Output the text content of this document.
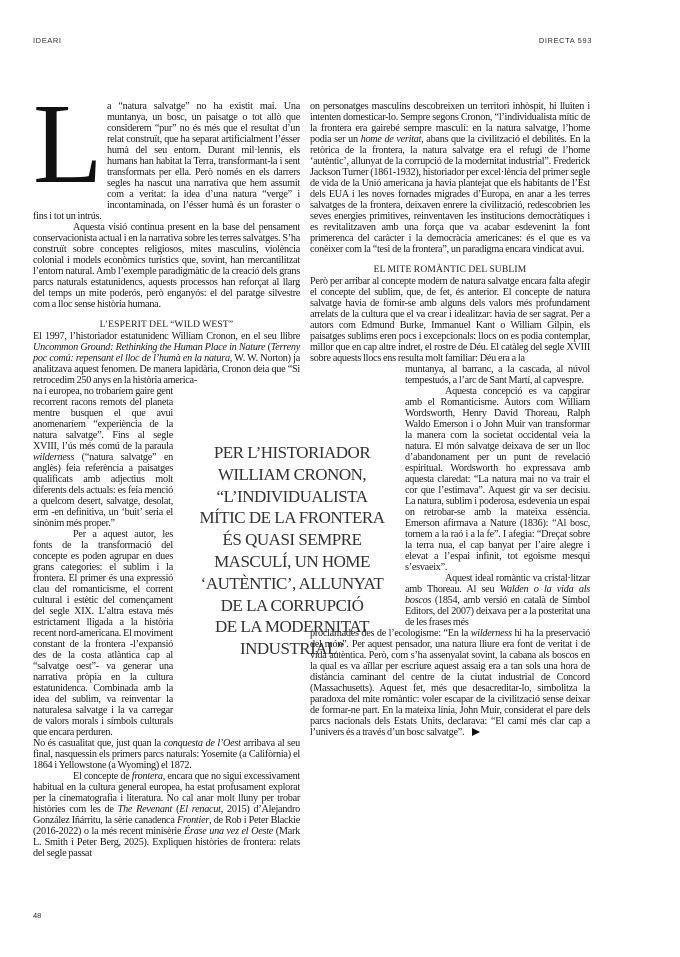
IDEARI	DIRECTA 593

L a “natura salvatge” no ha existit mai. Una muntanya, un bosc, un paisatge o tot allò que considerem “pur” no és més que el resultat d’un relat construït, que ha separat artificialment l’ésser humà del seu entorn. Durant mil·lennis, els humans han habitat la Terra, transformant-la i sent transformats per ella. Però només en els darrers segles ha nascut una narrativa que hem assumit com a veritat: la idea d’una natura “verge” i incontaminada, on l’ésser humà és un foraster o fins i tot un intrús.

Aquesta visió continua present en la base del pensament conservacionista actual i en la narrativa sobre les terres salvatges. S’ha construït sobre conceptes religiosos, mites masculins, violència colonial i models econòmics turístics que, sovint, han mercantilitzat l’entorn natural. Amb l’exemple paradigmàtic de la creació dels grans parcs naturals estatunidencs, aquests processos han reforçat al llarg del temps un mite poderós, però enganyós: el del paratge silvestre com a lloc sense història humana.

L’ESPERIT DEL “WILD WEST”

El 1997, l’historiador estatunidenc William Cronon, en el seu llibre Uncommon Ground: Rethinking the Human Place in Nature (Terreny poc comú: repensant el lloc de l’humà en la natura, W. W. Norton) ja analitzava aquest fenomen. De manera lapidària, Cronon deia que “Si retrocedim 250 anys en la història america-

na i europea, no trobaríem gaire gent recorrent racons remots del planeta mentre busquen el que avui anomenaríem “experiència de la natura salvatge”. Fins al segle XVIII, l’ús més comú de la paraula wilderness (“natura salvatge” en anglès) feia referència a paisatges qualificats amb adjectius molt diferents dels actuals: es feia menció a quelcom desert, salvatge, desolat, erm -en definitiva, un ‘buit’ seria el sinònim més proper.”

Per a aquest autor, les fonts de la transformació del concepte es poden agrupar en dues grans categories: el sublim i la frontera. El primer és una expressió clau del romanticisme, el corrent cultural i estètic del començament del segle XIX. L’altra estava més estrictament lligada a la història recent nord-americana. El moviment constant de la frontera -l’expansió des de la costa atlàntica cap al “salvatge oest”- va generar una narrativa pròpia en la cultura estatunidenca. Combinada amb la idea del sublim, va reinventar la naturalesa salvatge i la va carregar de valors morals i símbols culturals que encara perduren.

No és casualitat que, just quan la conquesta de l’Oest arribava al seu final, nasquessin els primers parcs naturals: Yosemite (a Califòrnia) el 1864 i Yellowstone (a Wyoming) el 1872.

El concepte de frontera, encara que no sigui excessivament habitual en la cultura general europea, ha estat profusament explorat per la cinematografia i literatura. No cal anar molt lluny per trobar històries com les de The Revenant (El renacut, 2015) d’Alejandro González Iñárritu, la sèrie canadenca Frontier, de Rob i Peter Blackie (2016-2022) o la més recent minisèrie Érase una vez el Oeste (Mark L. Smith i Peter Berg, 2025). Expliquen històries de frontera: relats del segle passat

48

on personatges masculins descobreixen un territori inhòspit, hi lluiten i intenten domesticar-lo. Sempre segons Cronon, “l’individualista mític de la frontera era gairebé sempre masculí: en la natura salvatge, l’home podia ser un home de veritat, abans que la civilització el debilités. En la retòrica de la frontera, la natura salvatge era el refugi de l’home ‘autèntic’, allunyat de la corrupció de la modernitat industrial”. Frederick Jackson Turner (1861-1932), historiador per excel·lència del primer segle de vida de la Unió americana ja havia plantejat que els habitants de l’Est dels EUA i les noves fornades migrades d’Europa, en anar a les terres salvatges de la frontera, deixaven enrere la civilització, redescobrien les seves energies primitives, reinventaven les institucions democràtiques i es revitalitzaven amb una força que va acabar esdevenint la font primerenca del caràcter i la democràcia americanes: és el que es va conèixer com la “tesi de la frontera”, un paradigma encara vindicat avui.

EL MITE ROMÀNTIC DEL SUBLIM

Però per arribar al concepte modern de natura salvatge encara falta afegir el concepte del sublim, que, de fet, és anterior. El concepte de natura salvatge havia de fornir-se amb alguns dels valors més profundament arrelats de la cultura que el va crear i idealitzar: havia de ser sagrat. Per a autors com Edmund Burke, Immanuel Kant o William Gilpin, els paisatges sublims eren pocs i excepcionals: llocs on es podia contemplar, millor que en cap altre indret, el rostre de Déu. El catàleg del segle XVIII sobre aquests llocs ens resulta molt familiar: Déu era a la

muntanya, al barranc, a la cascada, al núvol tempestuós, a l’arc de Sant Martí, al capvespre.

Aquesta concepció es va capgirar amb el Romanticisme. Autors com William Wordsworth, Henry David Thoreau, Ralph Waldo Emerson i o John Muir van transformar la manera com la societat occidental veia la natura. El món salvatge deixava de ser un lloc d’abandonament per un punt de revelació espiritual. Wordsworth ho expressava amb aquesta claredat: “La natura mai no va trair el cor que l’estimava”. Aquest gir va ser decisiu. La natura, sublim i poderosa, esdevenia un espai on retrobar-se amb la mateixa essència. Emerson afirmava a Nature (1836): “Al bosc, tornem a la raó i a la fe”. I afegia: “Dreçat sobre la terra nua, el cap banyat per l’aire alegre i elevat a l’espai infinit, tot egoisme mesquí s’esvaeix”.

Aquest ideal romàntic va cristal·litzar amb Thoreau. Al seu Walden o la vida als boscos (1854, amb versió en català de Símbol Editors, del 2007) deixava per a la posteritat una de les frases més

proclamades des de l’ecologisme: “En la wilderness hi ha la preservació del món”. Per aquest pensador, una natura lliure era font de veritat i de vida autèntica. Però, com s’ha assenyalat sovint, la cabana als boscos en la qual es va aïllar per escriure aquest assaig era a tan sols una hora de distància caminant del centre de la ciutat industrial de Concord (Massachusetts). Aquest fet, més que desacreditar-lo, simbolitza la paradoxa del mite romàntic: voler escapar de la civilització sense deixar de formar-ne part. En la mateixa línia, John Muir, considerat el pare dels parcs nacionals dels Estats Units, declarava: “El camí més clar cap a l’univers és a través d’un bosc salvatge”.

PER L’HISTORIADOR
WILLIAM CRONON,
“L’INDIVIDUALISTA
MÍTIC DE LA FRONTERA
ÉS QUASI SEMPRE
MASCULÍ, UN HOME
‘AUTÈNTIC’, ALLUNYAT
DE LA CORRUPCIÓ
DE LA MODERNITAT
INDUSTRIAL”
